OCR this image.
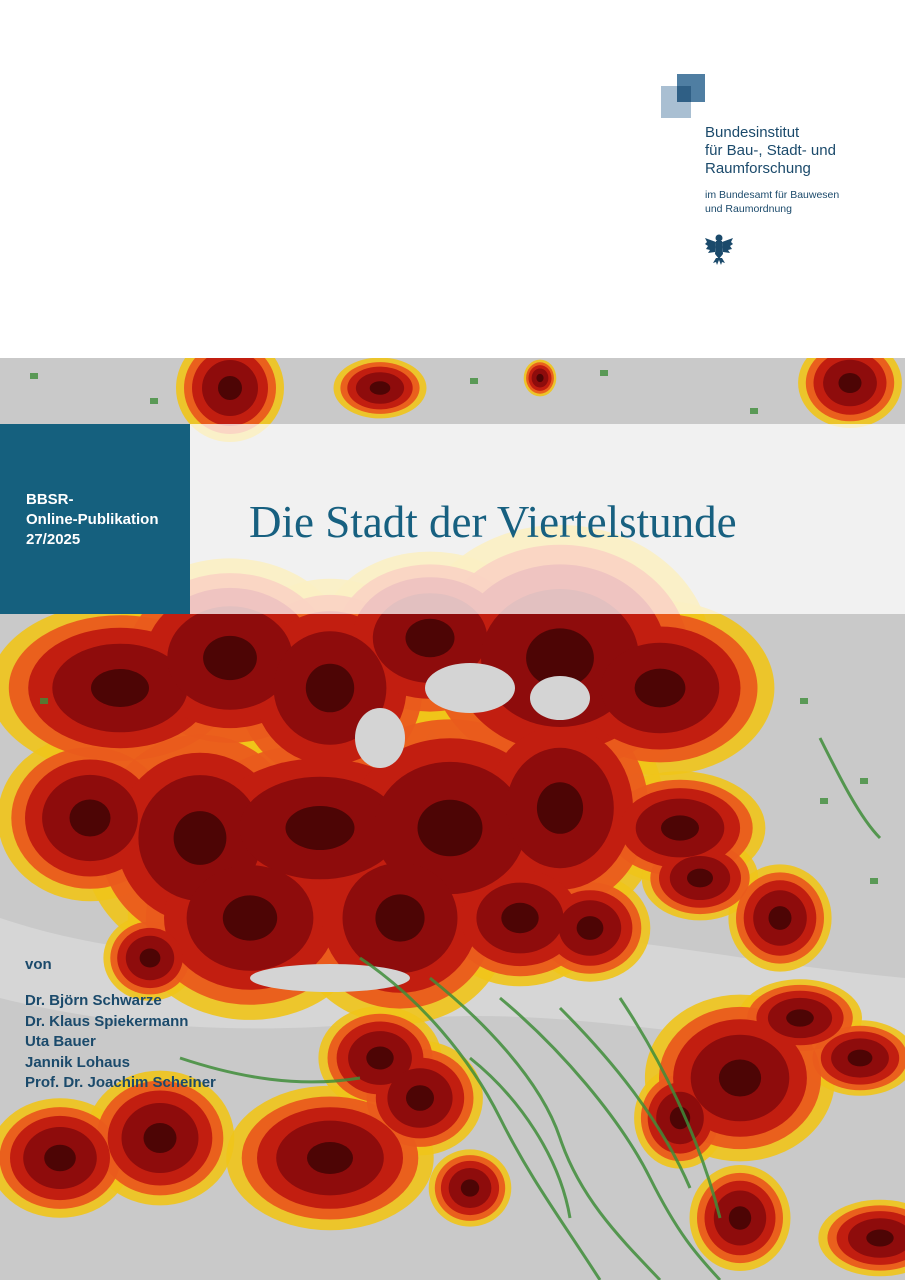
Bundesinstitut
für Bau-, Stadt- und
Raumforschung
im Bundesamt für Bauwesen
und Raumordnung
BBSR-
Online-Publikation
27/2025	Die Stadt der Viertelstunde
von
Dr. Björn Schwarze
Dr. Klaus Spiekermann
Uta Bauer
Jannik Lohaus
Prof. Dr. Joachim Scheiner
